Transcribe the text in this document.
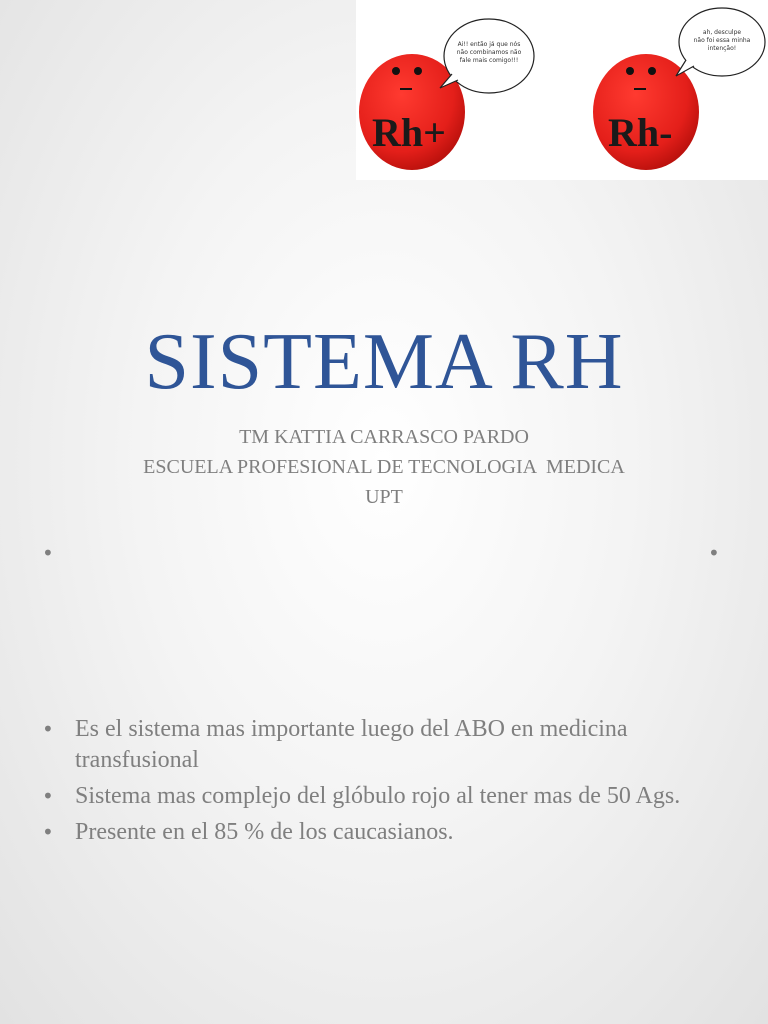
Rh+
Ai!! então já que nós
não combinamos não
fale mais comigo!!!
Rh-
ah, desculpe
não foi essa minha
intenção!
SISTEMA RH
TM KATTIA CARRASCO PARDO
ESCUELA PROFESIONAL DE TECNOLOGIA  MEDICA
UPT
•	•
• Es el sistema mas importante luego del ABO en medicina transfusional
• Sistema mas complejo del glóbulo rojo al tener mas de 50 Ags.
• Presente en el 85 % de los caucasianos.
